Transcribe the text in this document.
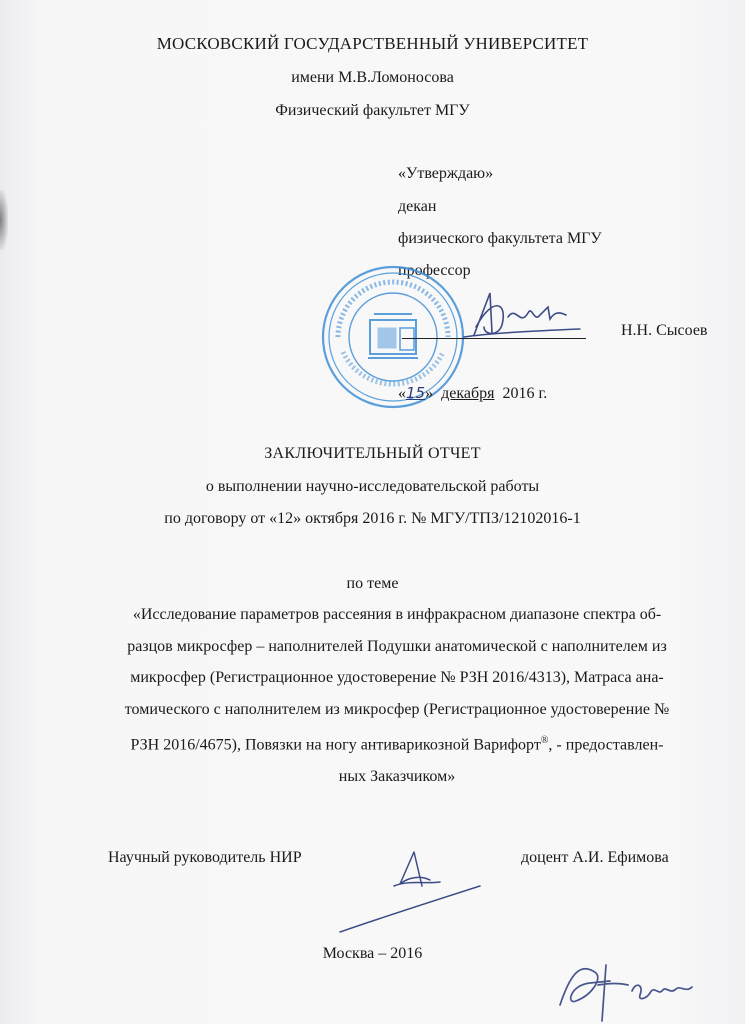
МОСКОВСКИЙ ГОСУДАРСТВЕННЫЙ УНИВЕРСИТЕТ
имени М.В.Ломоносова
Физический факультет МГУ
«Утверждаю»
декан
физического факультета МГУ
профессор
Н.Н. Сысоев
«15» декабря 2016 г.
ЗАКЛЮЧИТЕЛЬНЫЙ ОТЧЕТ
о выполнении научно-исследовательской работы
по договору от «12» октября 2016 г. № МГУ/ТПЗ/12102016-1
по теме
«Исследование параметров рассеяния в инфракрасном диапазоне спектра об-
разцов микросфер – наполнителей Подушки анатомической с наполнителем из
микросфер (Регистрационное удостоверение № РЗН 2016/4313), Матраса ана-
томического с наполнителем из микросфер (Регистрационное удостоверение №
РЗН 2016/4675), Повязки на ногу антиварикозной Варифорт®, - предоставлен-
ных Заказчиком»
Научный руководитель НИР	доцент А.И. Ефимова
Москва – 2016
